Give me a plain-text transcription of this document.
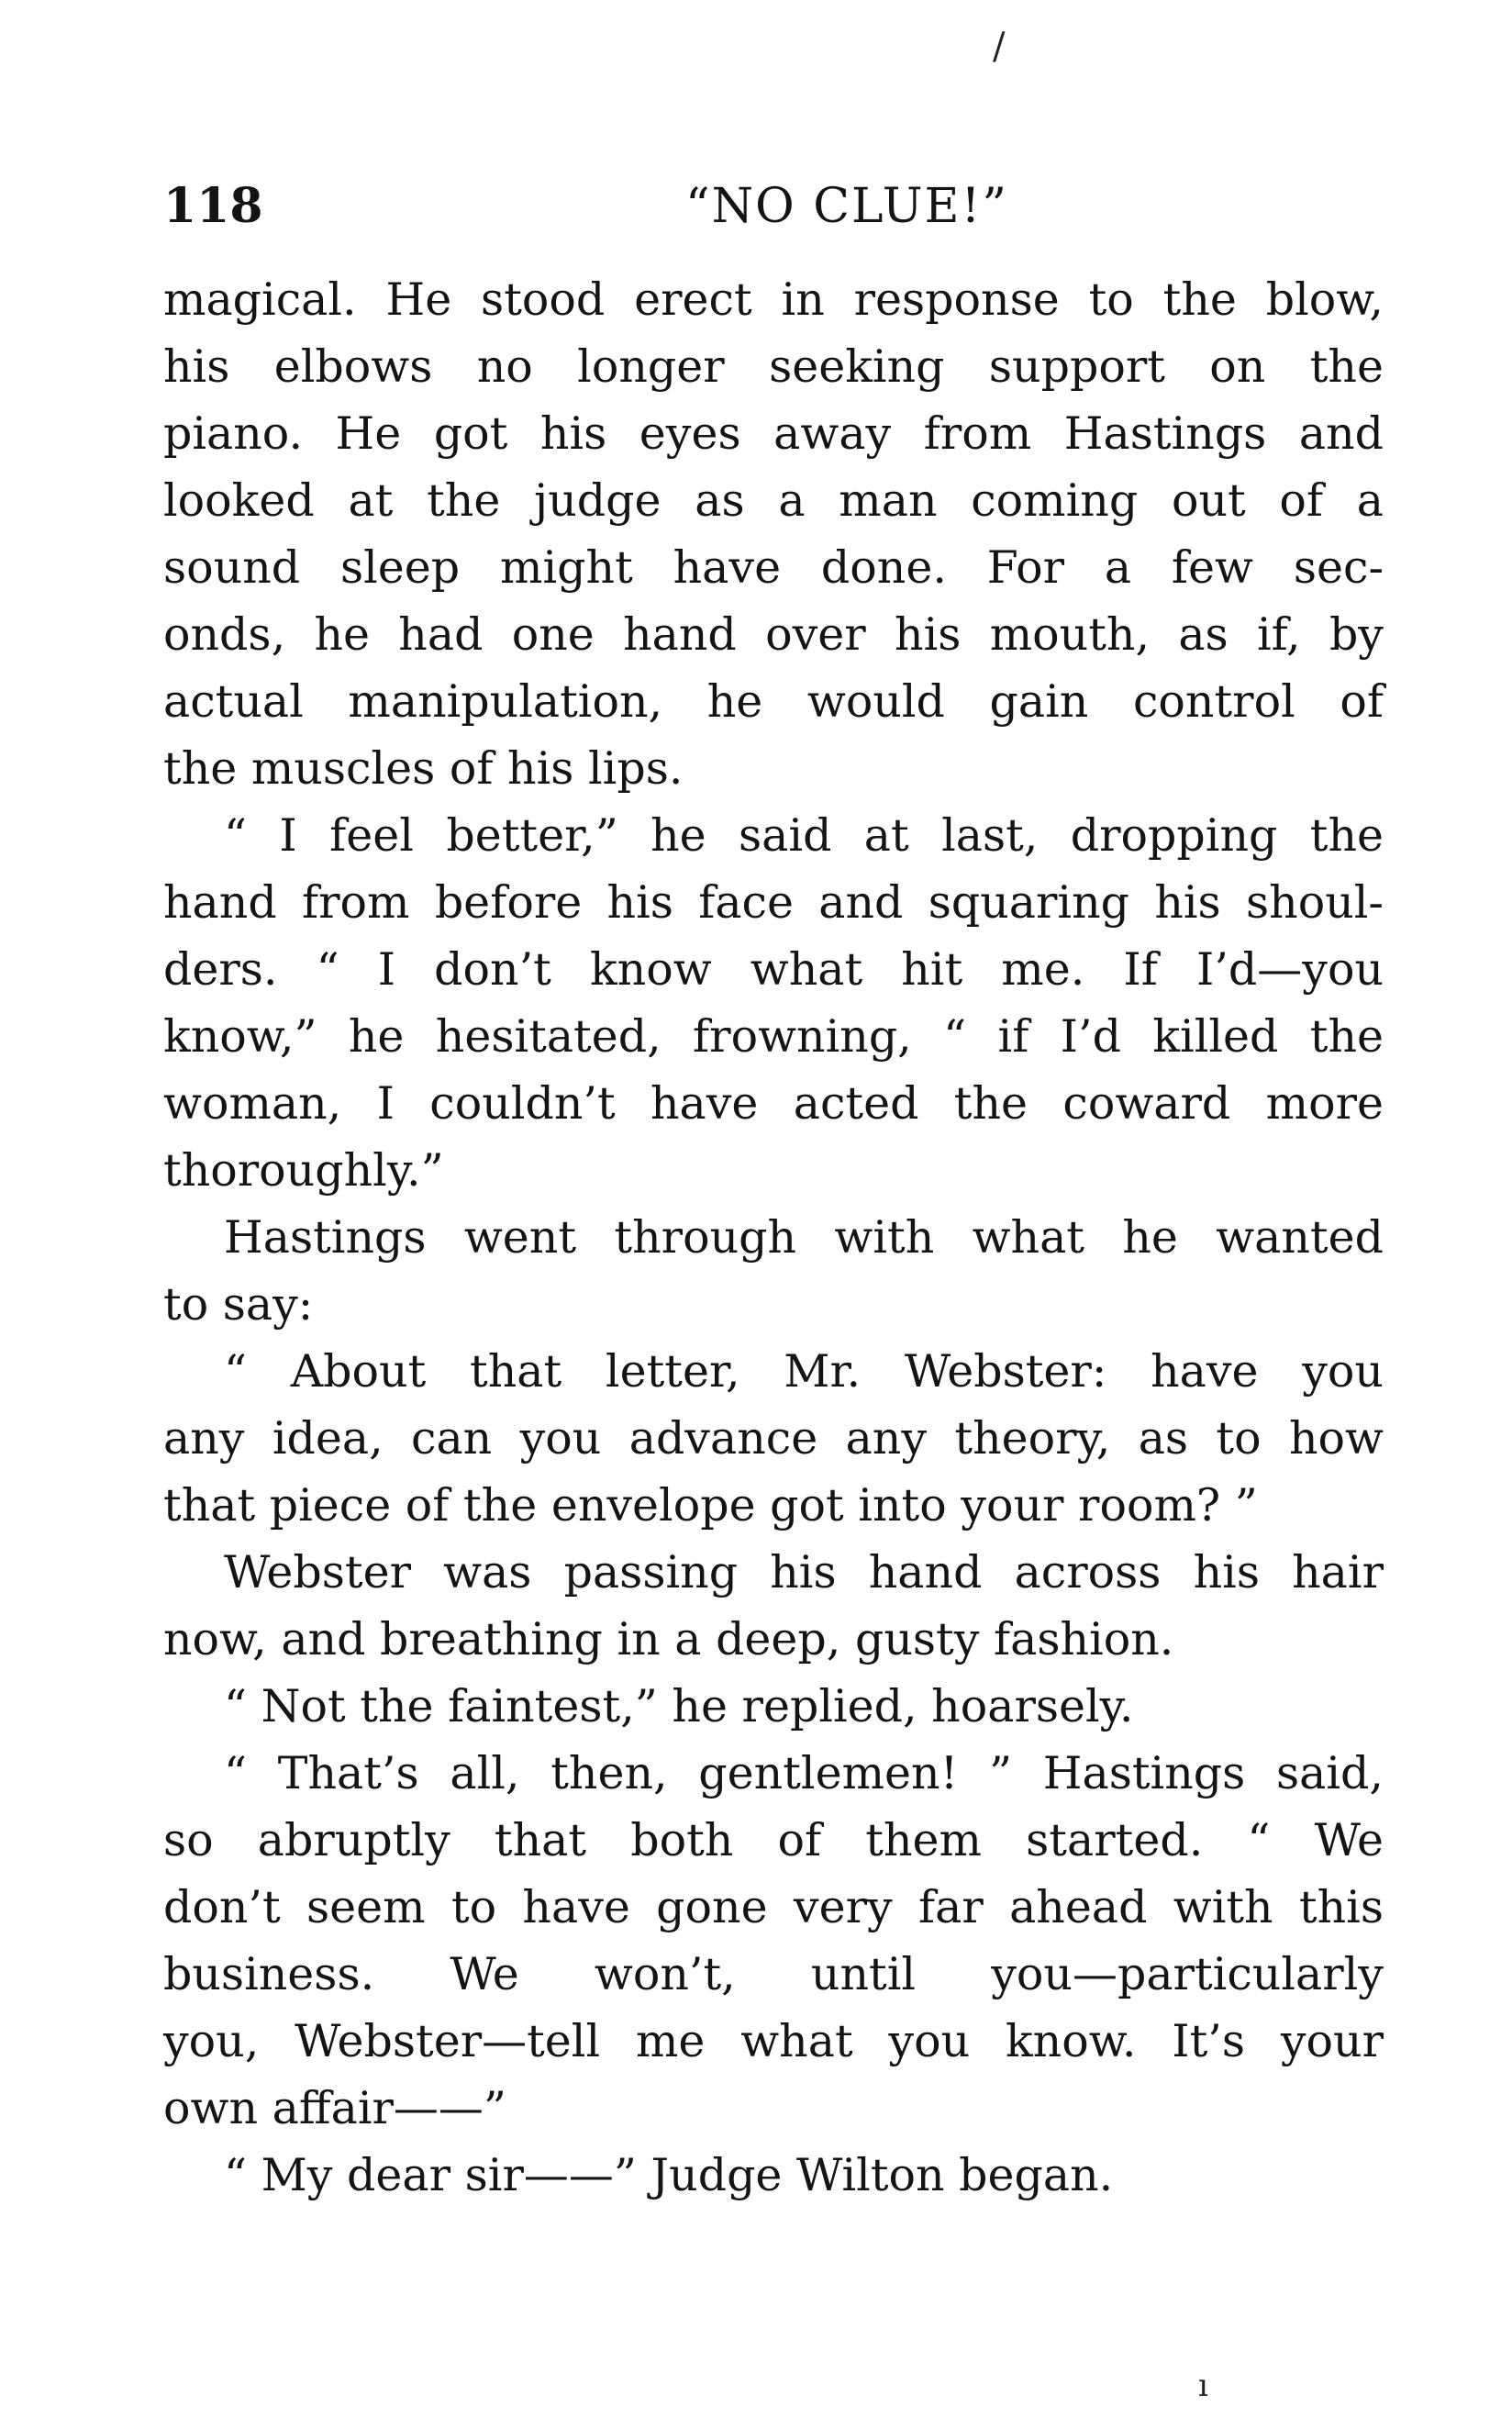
/
118	“NO CLUE!”
magical. He stood erect in response to the blow,
his elbows no longer seeking support on the
piano. He got his eyes away from Hastings and
looked at the judge as a man coming out of a
sound sleep might have done. For a few sec-
onds, he had one hand over his mouth, as if, by
actual manipulation, he would gain control of
the muscles of his lips.
“ I feel better,” he said at last, dropping the
hand from before his face and squaring his shoul-
ders. “ I don’t know what hit me. If I’d—you
know,” he hesitated, frowning, “ if I’d killed the
woman, I couldn’t have acted the coward more
thoroughly.”
Hastings went through with what he wanted
to say:
“ About that letter, Mr. Webster: have you
any idea, can you advance any theory, as to how
that piece of the envelope got into your room? ”
Webster was passing his hand across his hair
now, and breathing in a deep, gusty fashion.
“ Not the faintest,” he replied, hoarsely.
“ That’s all, then, gentlemen! ” Hastings said,
so abruptly that both of them started. “ We
don’t seem to have gone very far ahead with this
business. We won’t, until you—particularly
you, Webster—tell me what you know. It’s your
own affair——”
“ My dear sir——” Judge Wilton began.
ı
